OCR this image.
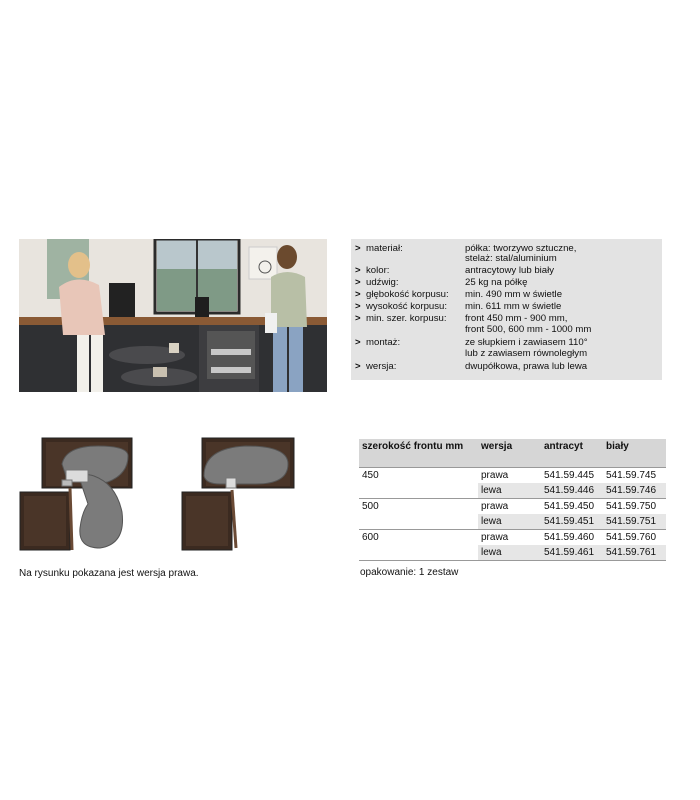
> materiał:	półka: tworzywo sztuczne,
stelaż: stal/aluminium
> kolor:	antracytowy lub biały
> udźwig:	25 kg na półkę
> głębokość korpusu: min. 490 mm w świetle
> wysokość korpusu: min. 611 mm w świetle
> min. szer. korpusu: front 450 mm - 900 mm,
front 500, 600 mm - 1000 mm
> montaż:	ze słupkiem i zawiasem 110°
lub z zawiasem równoległym
> wersja:	dwupółkowa, prawa lub lewa
Na rysunku pokazana jest wersja prawa.
szerokość frontu mm	wersja	antracyt	biały
450	prawa	541.59.445	541.59.745
	lewa	541.59.446	541.59.746
500	prawa	541.59.450	541.59.750
	lewa	541.59.451	541.59.751
600	prawa	541.59.460	541.59.760
	lewa	541.59.461	541.59.761
opakowanie: 1 zestaw
